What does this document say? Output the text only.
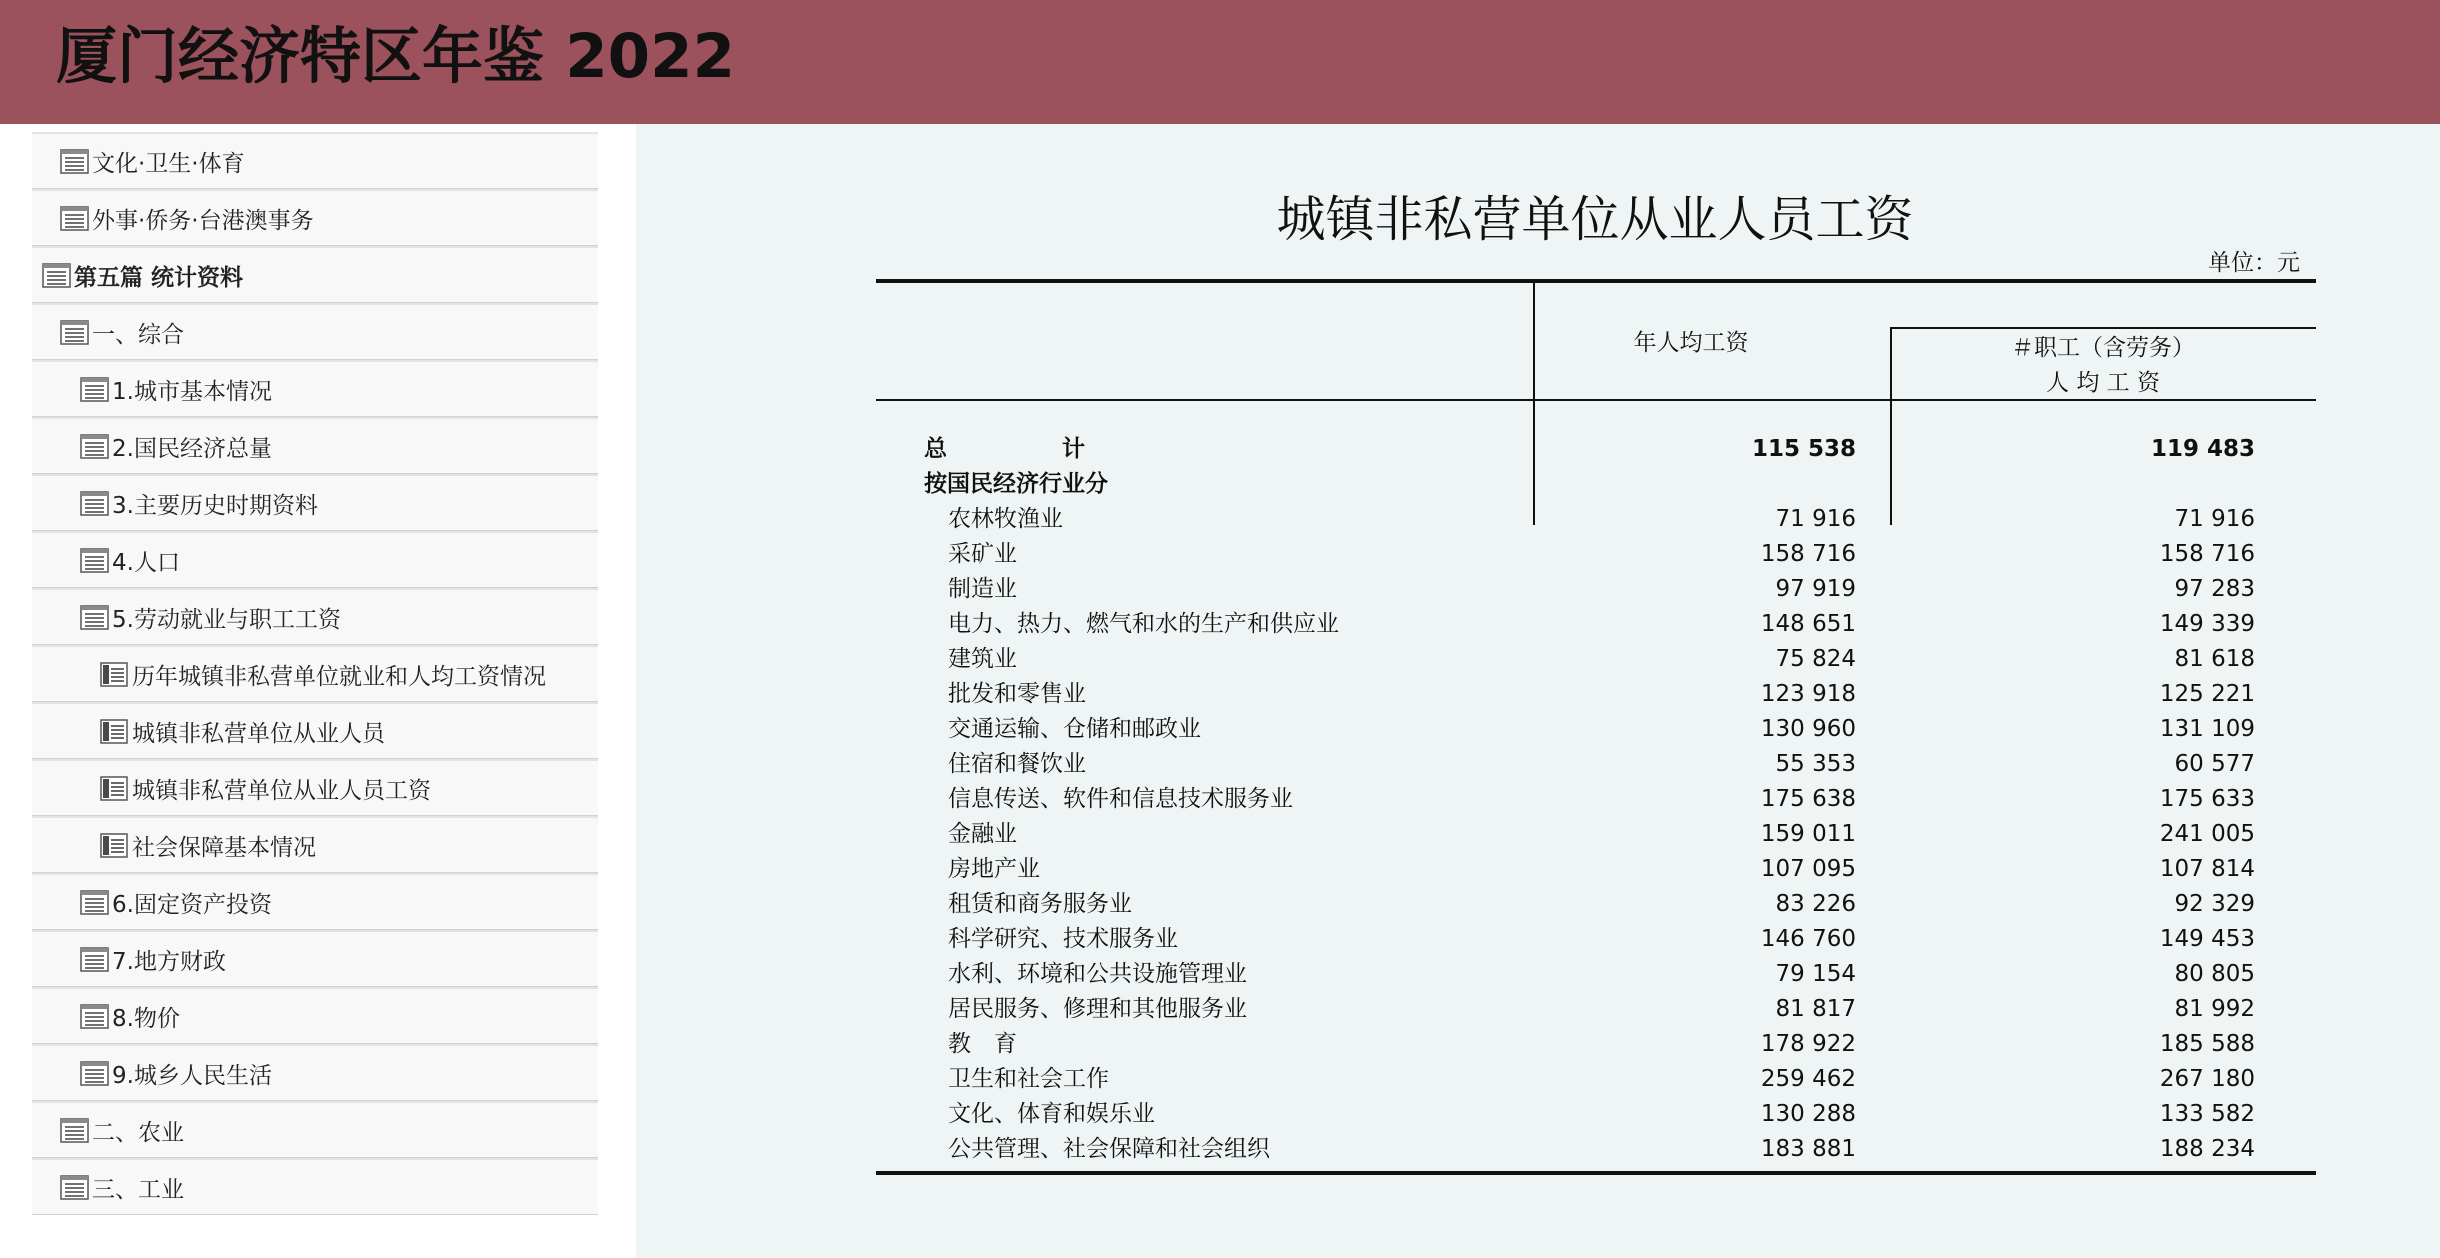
厦门经济特区年鉴 2022
文化·卫生·体育
外事·侨务·台港澳事务
第五篇 统计资料
一、综合
1.城市基本情况
2.国民经济总量
3.主要历史时期资料
4.人口
5.劳动就业与职工工资
历年城镇非私营单位就业和人均工资情况
城镇非私营单位从业人员
城镇非私营单位从业人员工资
社会保障基本情况
6.固定资产投资
7.地方财政
8.物价
9.城乡人民生活
二、农业
三、工业
城镇非私营单位从业人员工资
单位：元
年人均工资	＃职工（含劳务）
人 均 工 资
总　　　　　计	115 538	119 483
按国民经济行业分
农林牧渔业	71 916	71 916
采矿业	158 716	158 716
制造业	97 919	97 283
电力、热力、燃气和水的生产和供应业	148 651	149 339
建筑业	75 824	81 618
批发和零售业	123 918	125 221
交通运输、仓储和邮政业	130 960	131 109
住宿和餐饮业	55 353	60 577
信息传送、软件和信息技术服务业	175 638	175 633
金融业	159 011	241 005
房地产业	107 095	107 814
租赁和商务服务业	83 226	92 329
科学研究、技术服务业	146 760	149 453
水利、环境和公共设施管理业	79 154	80 805
居民服务、修理和其他服务业	81 817	81 992
教　育	178 922	185 588
卫生和社会工作	259 462	267 180
文化、体育和娱乐业	130 288	133 582
公共管理、社会保障和社会组织	183 881	188 234
